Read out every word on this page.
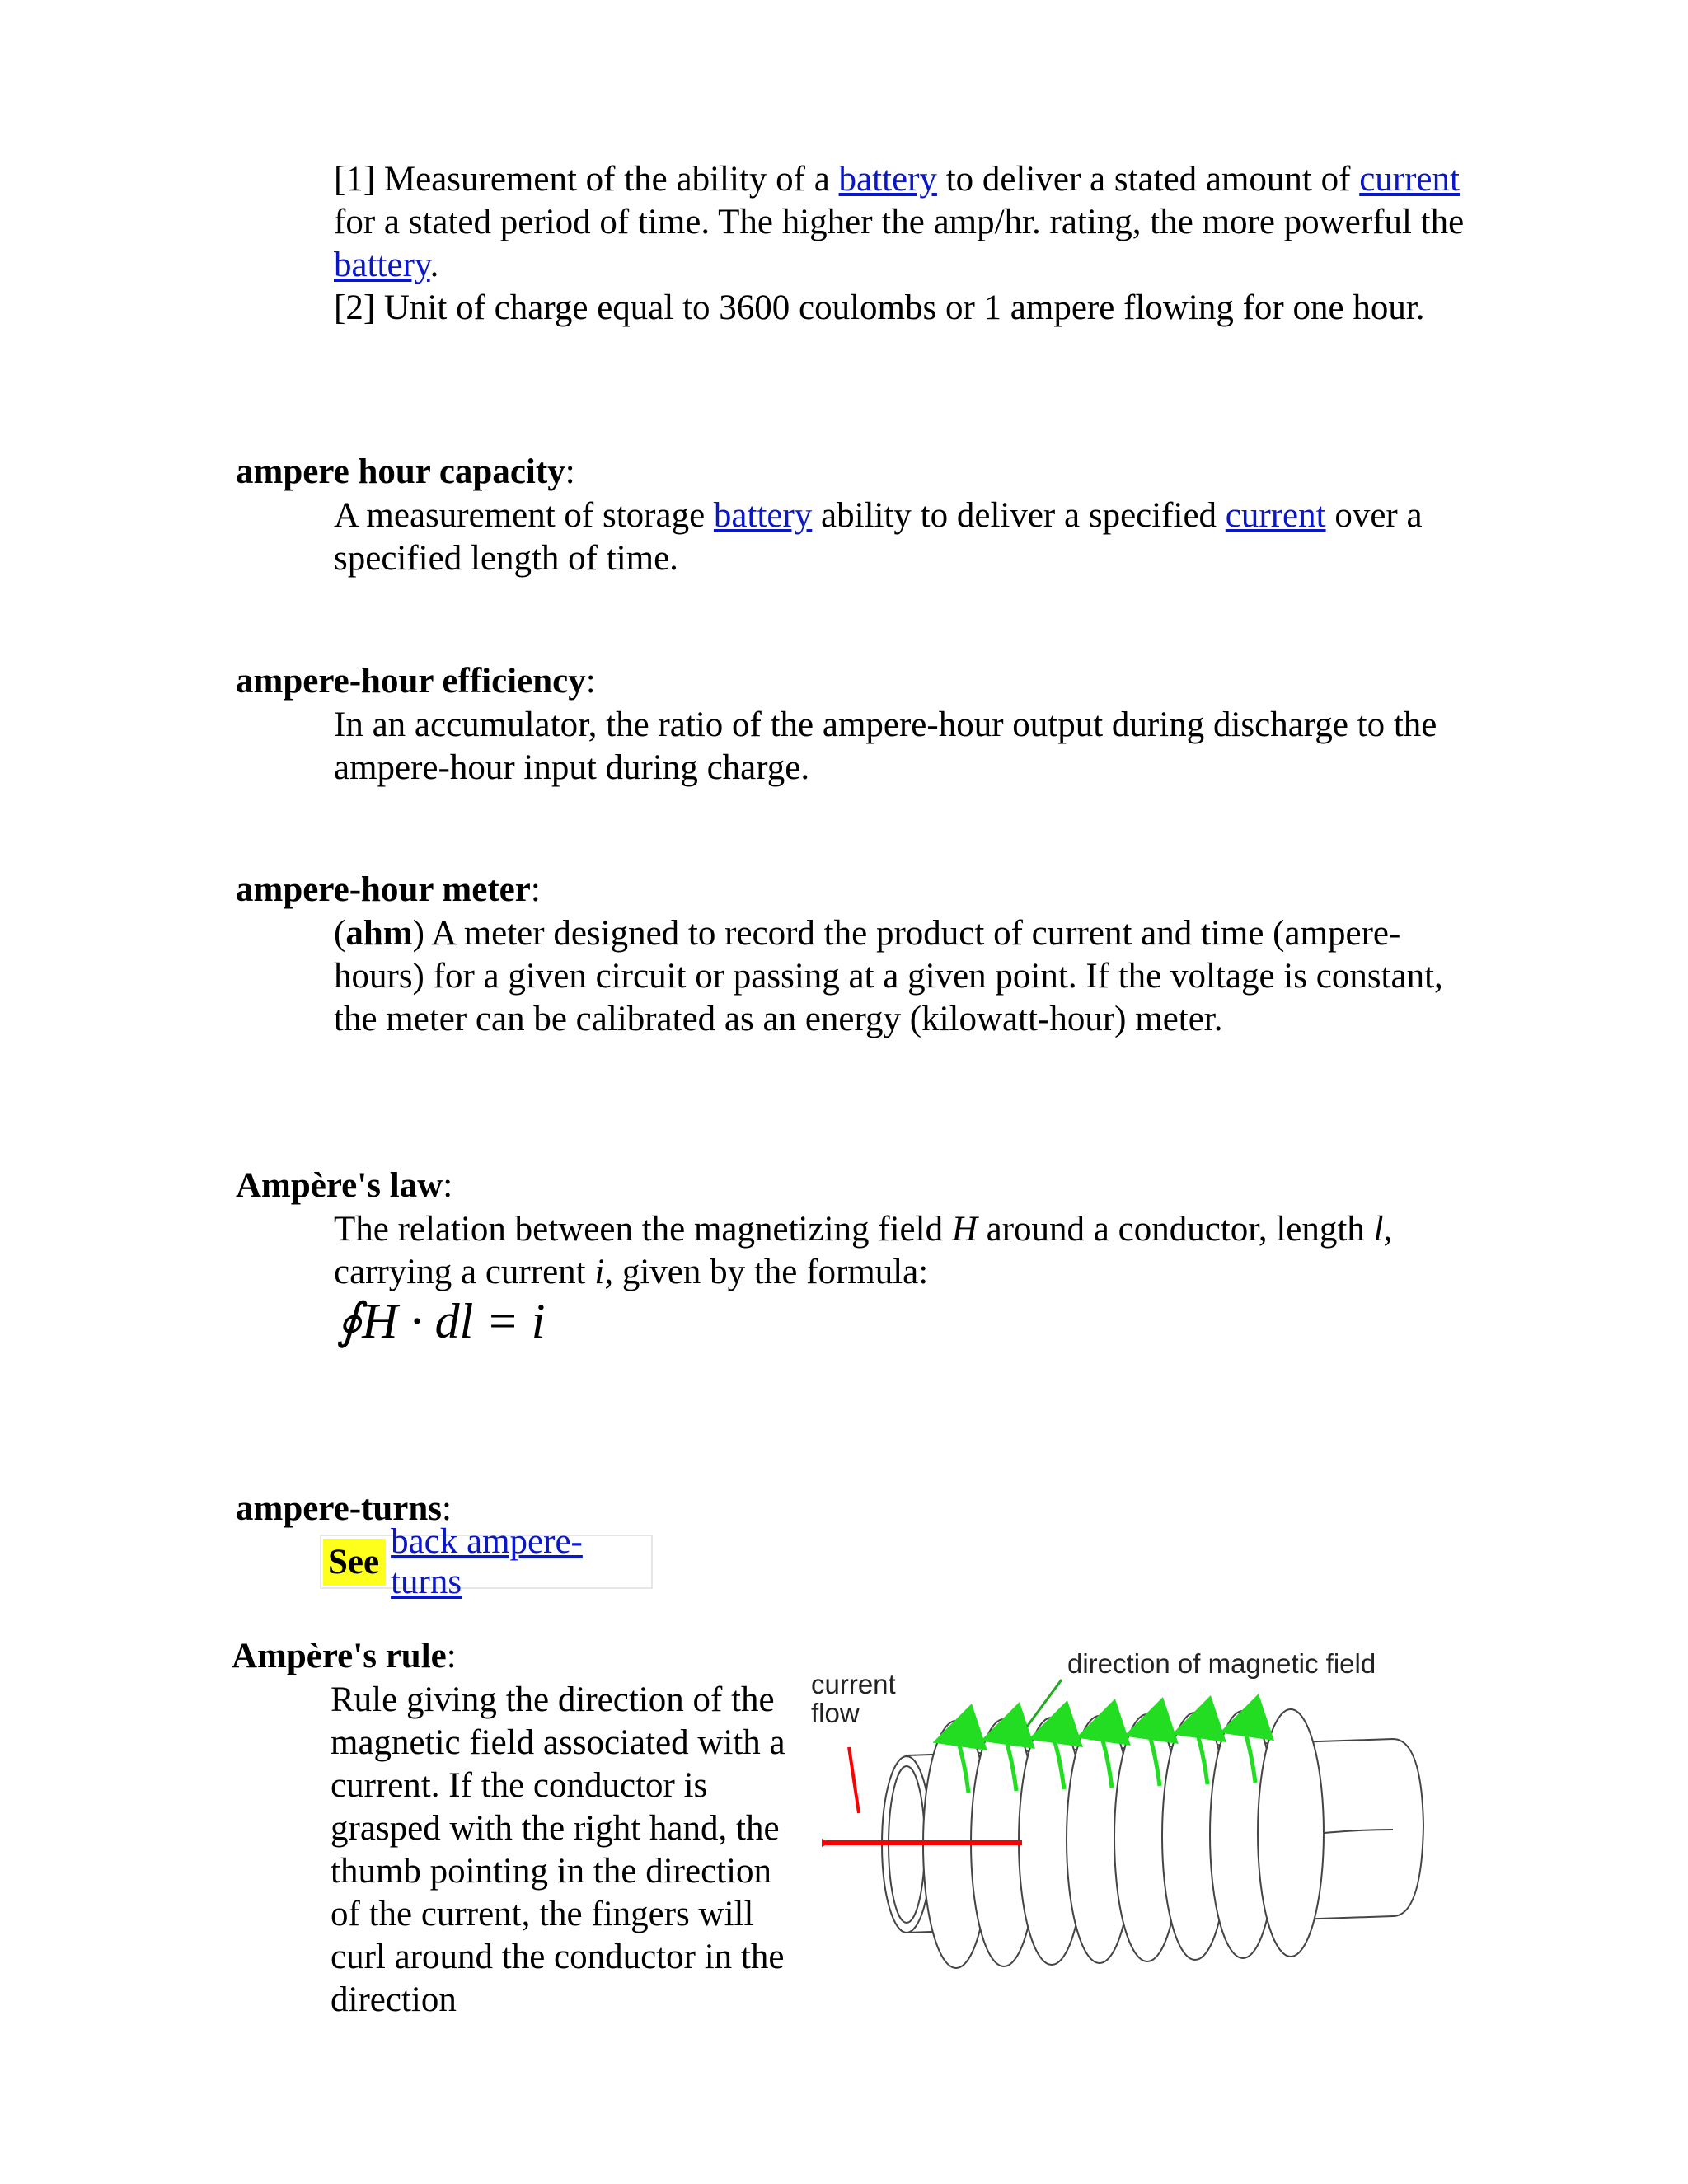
[1] Measurement of the ability of a battery to deliver a stated amount of current for a stated period of time. The higher the amp/hr. rating, the more powerful the battery.
[2] Unit of charge equal to 3600 coulombs or 1 ampere flowing for one hour.
ampere hour capacity:
A measurement of storage battery ability to deliver a specified current over a specified length of time.
ampere-hour efficiency:
In an accumulator, the ratio of the ampere-hour output during discharge to the ampere-hour input during charge.
ampere-hour meter:
(ahm) A meter designed to record the product of current and time (ampere-hours) for a given circuit or passing at a given point. If the voltage is constant, the meter can be calibrated as an energy (kilowatt-hour) meter.
Ampère's law:
The relation between the magnetizing field H around a conductor, length l, carrying a current i, given by the formula:
∮H · dl = i
ampere-turns:
See
back ampere-turns
Ampère's rule:
Rule giving the direction of the magnetic field associated with a current. If the conductor is grasped with the right hand, the thumb pointing in the direction of the current, the fingers will curl around the conductor in the direction
current
flow
direction of magnetic field
